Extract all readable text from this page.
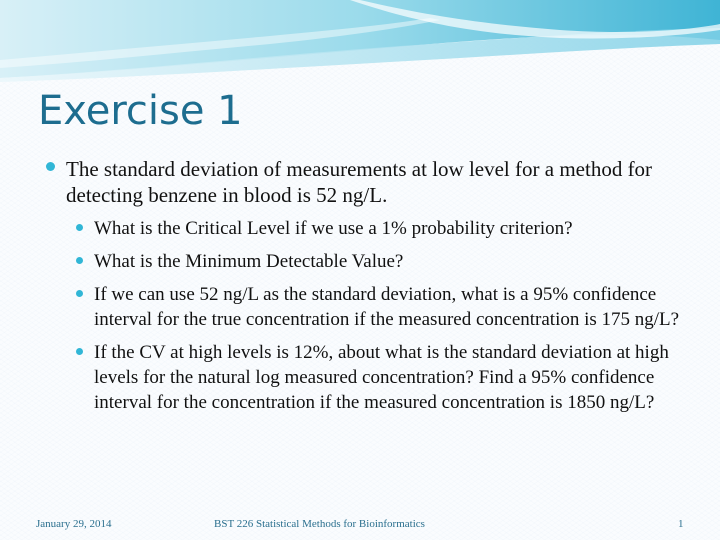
Exercise 1
The standard deviation of measurements at low level for a method for detecting benzene in blood is 52 ng/L.
What is the Critical Level if we use a 1% probability criterion?
What is the Minimum Detectable Value?
If we can use 52 ng/L as the standard deviation, what is a 95% confidence interval for the true concentration if the measured concentration is 175 ng/L?
If the CV at high levels is 12%, about what is the standard deviation at high levels for the natural log measured concentration? Find a 95% confidence interval for the concentration if the measured concentration is 1850 ng/L?
January 29, 2014	BST 226 Statistical Methods for Bioinformatics	1
